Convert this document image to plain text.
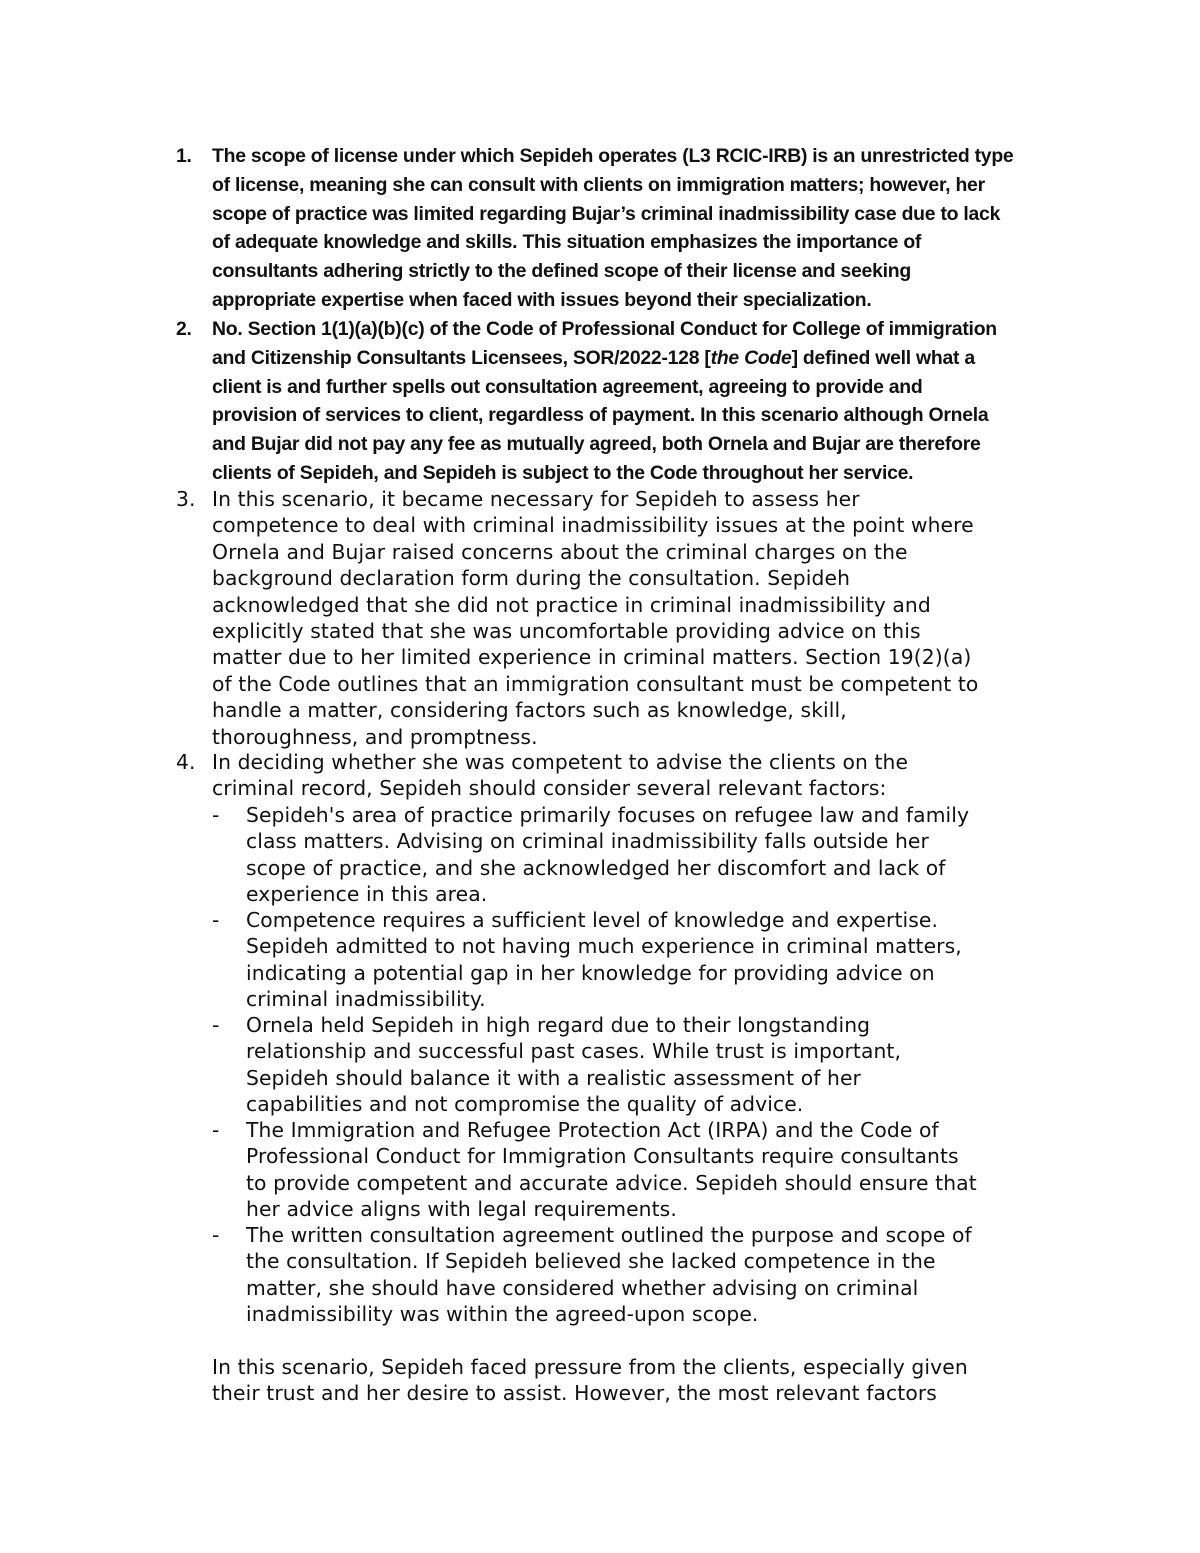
1.	The scope of license under which Sepideh operates (L3 RCIC-IRB) is an unrestricted type
of license, meaning she can consult with clients on immigration matters; however, her
scope of practice was limited regarding Bujar’s criminal inadmissibility case due to lack
of adequate knowledge and skills. This situation emphasizes the importance of
consultants adhering strictly to the defined scope of their license and seeking
appropriate expertise when faced with issues beyond their specialization.
2.	No. Section 1(1)(a)(b)(c) of the Code of Professional Conduct for College of immigration
and Citizenship Consultants Licensees, SOR/2022-128 [the Code] defined well what a
client is and further spells out consultation agreement, agreeing to provide and
provision of services to client, regardless of payment. In this scenario although Ornela
and Bujar did not pay any fee as mutually agreed, both Ornela and Bujar are therefore
clients of Sepideh, and Sepideh is subject to the Code throughout her service.
3. In this scenario, it became necessary for Sepideh to assess her
competence to deal with criminal inadmissibility issues at the point where
Ornela and Bujar raised concerns about the criminal charges on the
background declaration form during the consultation. Sepideh
acknowledged that she did not practice in criminal inadmissibility and
explicitly stated that she was uncomfortable providing advice on this
matter due to her limited experience in criminal matters. Section 19(2)(a)
of the Code outlines that an immigration consultant must be competent to
handle a matter, considering factors such as knowledge, skill,
thoroughness, and promptness.
4. In deciding whether she was competent to advise the clients on the
criminal record, Sepideh should consider several relevant factors:
-	Sepideh's area of practice primarily focuses on refugee law and family
class matters. Advising on criminal inadmissibility falls outside her
scope of practice, and she acknowledged her discomfort and lack of
experience in this area.
-	Competence requires a sufficient level of knowledge and expertise.
Sepideh admitted to not having much experience in criminal matters,
indicating a potential gap in her knowledge for providing advice on
criminal inadmissibility.
-	Ornela held Sepideh in high regard due to their longstanding
relationship and successful past cases. While trust is important,
Sepideh should balance it with a realistic assessment of her
capabilities and not compromise the quality of advice.
-	The Immigration and Refugee Protection Act (IRPA) and the Code of
Professional Conduct for Immigration Consultants require consultants
to provide competent and accurate advice. Sepideh should ensure that
her advice aligns with legal requirements.
-	The written consultation agreement outlined the purpose and scope of
the consultation. If Sepideh believed she lacked competence in the
matter, she should have considered whether advising on criminal
inadmissibility was within the agreed-upon scope.
In this scenario, Sepideh faced pressure from the clients, especially given
their trust and her desire to assist. However, the most relevant factors
